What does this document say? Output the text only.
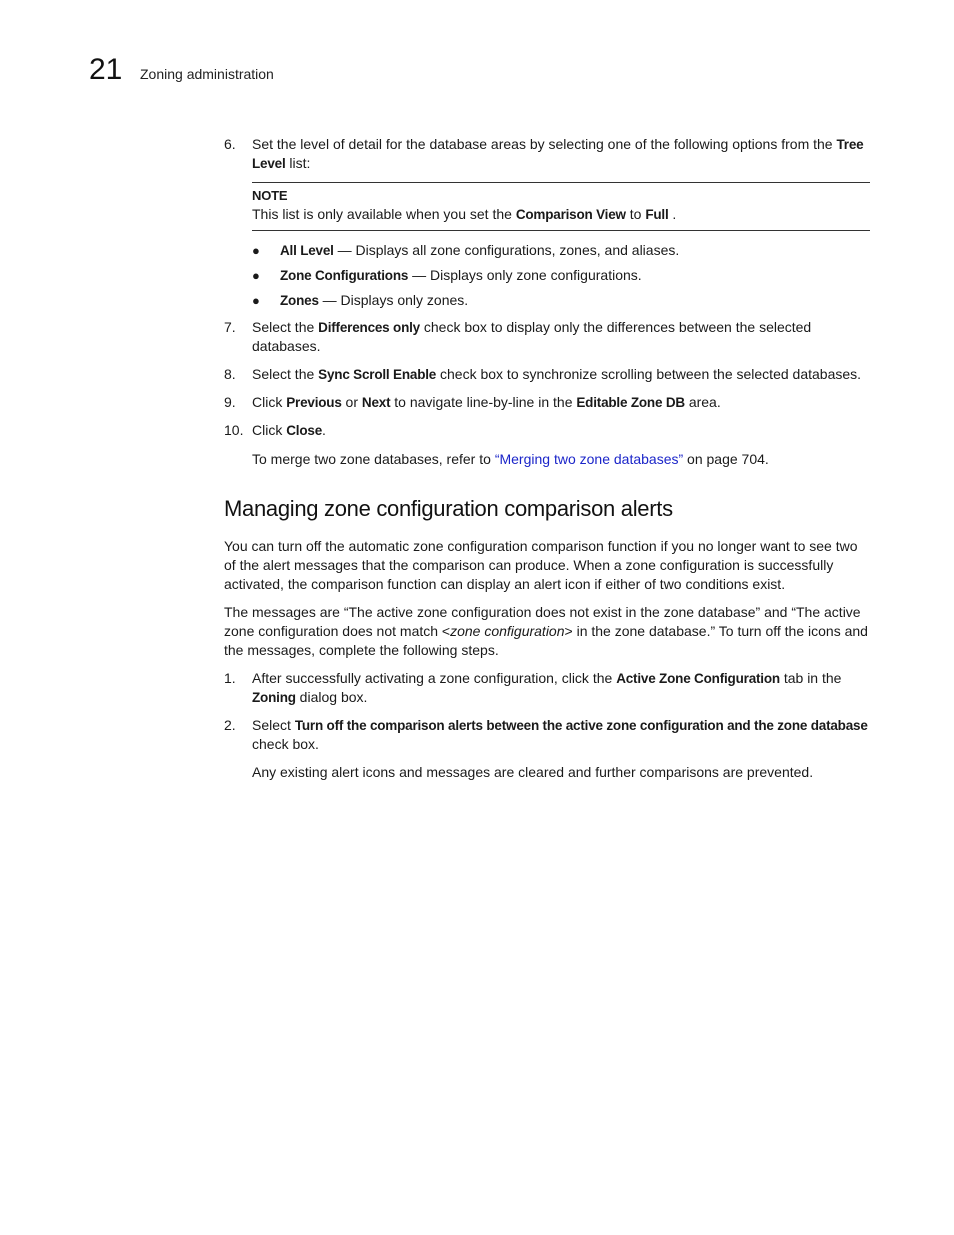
21 Zoning administration
6. Set the level of detail for the database areas by selecting one of the following options from the Tree Level list:

NOTE
This list is only available when you set the Comparison View to Full .
● All Level — Displays all zone configurations, zones, and aliases.
● Zone Configurations — Displays only zone configurations.
● Zones — Displays only zones.
7. Select the Differences only check box to display only the differences between the selected databases.

8. Select the Sync Scroll Enable check box to synchronize scrolling between the selected databases.

9. Click Previous or Next to navigate line-by-line in the Editable Zone DB area.

10. Click Close.

To merge two zone databases, refer to “Merging two zone databases” on page 704.

Managing zone configuration comparison alerts

You can turn off the automatic zone configuration comparison function if you no longer want to see two of the alert messages that the comparison can produce. When a zone configuration is successfully activated, the comparison function can display an alert icon if either of two conditions exist.

The messages are “The active zone configuration does not exist in the zone database” and “The active zone configuration does not match <zone configuration> in the zone database.” To turn off the icons and the messages, complete the following steps.

1. After successfully activating a zone configuration, click the Active Zone Configuration tab in the Zoning dialog box.

2. Select Turn off the comparison alerts between the active zone configuration and the zone database check box.

Any existing alert icons and messages are cleared and further comparisons are prevented.
